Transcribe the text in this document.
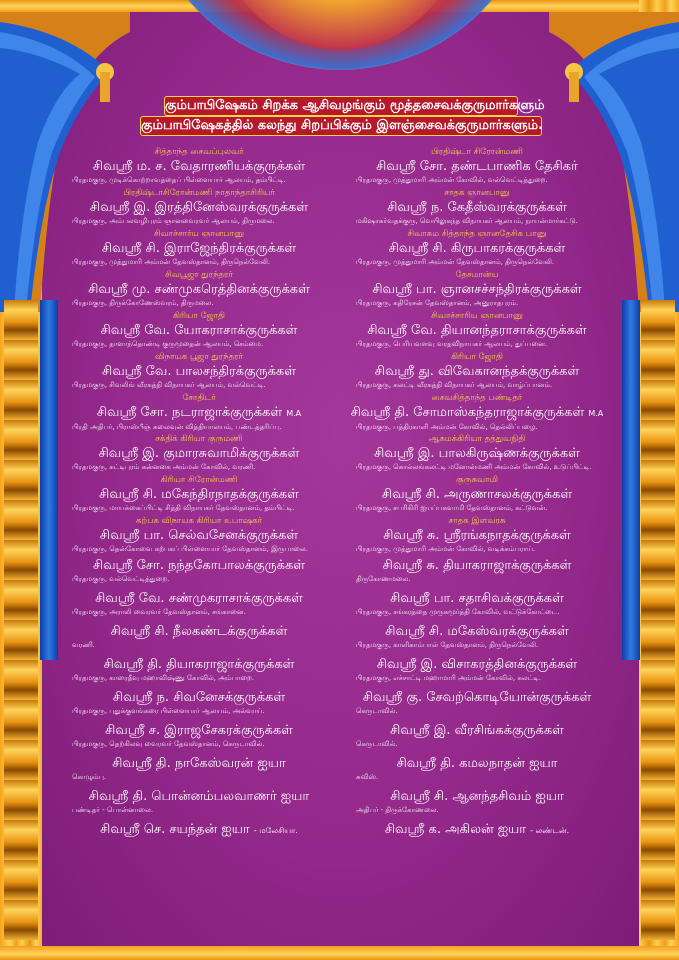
கும்பாபிஷேகம் சிறக்க ஆசிவழங்கும் மூத்தசைவக்குருமார்களும்
கும்பாபிஷேகத்தில் கலந்து சிறப்பிக்கும் இளஞ்சைவக்குருமார்களும்.
சித்தாந்த சைவப்புலவர்
சிவஸ்ரீ ம. ச. வேதாரணியக்குருக்கள்
பிரதமகுரு, முடிக்கொற்றாவத்தைப் பிள்ளையார் ஆலயம், தம்பிட்டி.
பிரதிஷ்டாசிரோன்மணி நாதாந்தாசிரியர்
சிவஸ்ரீ இ. இரத்தினேஸ்வரக்குருக்கள்
பிரதமகுரு, அம்பலவழிபுரம் ஞானவைரவர் ஆலயம், திருமலை.
சிவாச்சார்ய ஞானபானு
சிவஸ்ரீ சி. இராஜேந்திரக்குருக்கள்
பிரதமகுரு, முத்துமாரி அம்மன் தேவஸ்தானம், திருநெல்வேலி.
சிவபூஜா துரந்தரர்
சிவஸ்ரீ மு. சண்முகரெத்தினக்குருக்கள்
பிரதமகுரு, திருக்கோணேஸ்வரம், திருமலை.
கிரியா ஜோதி
சிவஸ்ரீ வே. யோகராசாக்குருக்கள்
பிரதமகுரு, தாளாந்தொண்டி குருமூதைன் ஆலயம், செம்மை.
விநாயக பூஜா துரந்தரர்
சிவஸ்ரீ வே. பாலசந்திரக்குருக்கள்
பிரதமகுரு, சிவலிங் வீரகத்தி விநாயகர் ஆலயம், வல்வெட்டி.
சோதிடர்
சிவஸ்ரீ சோ. நடராஜாக்குருக்கள் M.A
பிரதி அதிபர், பிராஸ்பீஞ் கலைவுன் வித்தியாலயம், பண்டத்தரிப்பு.
சக்திக் கிரியா குருமணி
சிவஸ்ரீ இ. குமாரசுவாமிக்குருக்கள்
பிரதமகுரு, கட்டிபுரம் கன்னகை அம்மன் கோவில், வரணி.
கிரியா சிரோன்மணி
சிவஸ்ரீ சி. மகேந்திரநாதக்குருக்கள்
பிரதமகுரு, மாயக்கைப்பிட்டி சித்தி விநாயகர் தேவஸ்தானம், தம்பிட்டி.
கற்பக விநாயக கிரியா உபாஷகர்
சிவஸ்ரீ பா. செல்வசேனக்குருக்கள்
பிரதமகுரு, தென்கோவை கற்பகப் பிள்ளையார் தேவஸ்தானம், இருபாலை.
சிவஸ்ரீ சோ. நந்தகோபாலக்குருக்கள்
பிரதமகுரு, வல்வெட்டித்துறை.
சிவஸ்ரீ வே. சண்முகராசாக்குருக்கள்
பிரதமகுரு, அராலி வைரவர் தேவஸ்தானம், சங்கானை.
சிவஸ்ரீ சி. நீலகண்டக்குருக்கள்
வரணி.
சிவஸ்ரீ தி. தியாகராஜாக்குருக்கள்
பிரதமகுரு, காரைதீவு மஹாவிஷ்ணு கோவில், அம்பாறை.
சிவஸ்ரீ ந. சிவனேசக்குருக்கள்
பிரதமகுரு, புதுக்குளங்கரை பிள்ளையார் ஆலயம், அல்வாய்.
சிவஸ்ரீ ச. இராஜசேகரக்குருக்கள்
பிரதமகுரு, தெற்கிலவு வைரவர் தேவஸ்தானம், கெருடாவில்.
சிவஸ்ரீ தி. நாகேஸ்வரன் ஐயா
கொழும்பு.
சிவஸ்ரீ தி. பொன்னம்பலவாணர் ஐயா
பண்டிதர் - பொன்னாலை.
சிவஸ்ரீ செ. சயந்தன் ஐயா - மலேசியா.
பிரதிஷ்டா சிரோன்மணி
சிவஸ்ரீ சோ. தண்டபாணிக தேசிகர்
பிரதமகுரு, முத்துமாரி அம்மன் கோவில், வல்வெட்டித்துறை.
சாதக ஞானபானு
சிவஸ்ரீ ந. கேதீஸ்வரக்குருக்கள்
மகிஷாசுர்வதக்குரு, வெயிலுகந்த விநாயகர் ஆலயம், நாயன்மார்கட்டு.
சிவாகம சித்தாந்த ஞானதேசிக பானு
சிவஸ்ரீ சி. கிருபாகரக்குருக்கள்
பிரதமகுரு, முத்துமாரி அம்மன் தேவஸ்தானம், திருநெல்வேலி.
தேசமான்ய
சிவஸ்ரீ பா. ஞானசச்சந்திரக்குருக்கள்
பிரதமகுரு, கதிரேசன் தேவஸ்தானம், அனுராதபுரம்.
சிவாச்சாரிய ஞானபானு
சிவஸ்ரீ வே. தியானந்தராசாக்குருக்கள்
பிரதமகுரு, பெரியவளவு வரதவிநாயகர் ஆலயம், துப்பனை.
கிரியா ஜோதி
சிவஸ்ரீ து. விவேகானந்தக்குருக்கள்
பிரதமகுரு, கலட்டி வீரகத்தி விநாயகர் ஆலயம், வாழ்ப்பானம்.
சைவசித்தாந்த பண்டிதர்
சிவஸ்ரீ தி. சோமாஸ்கந்தராஜாக்குருக்கள் M.A
பிரதமகுரு, பத்திரகாளி அம்மன் கோவில், தெல்லிப்பழை.
ஆகமக்கிரியா தத்துவநிதி
சிவஸ்ரீ இ. பாலகிருஷ்ணக்குருக்கள்
பிரதமகுரு, கொல்லங்கலட்டி மனோன்மணி அம்மன் கோவில், உடுப்பிட்டி.
குருசுவாமி
சிவஸ்ரீ சி. அருணாசலக்குருக்கள்
பிரதமகுரு, சபரிகிரி ஐயப்பசுவாமி தேவஸ்தானம், கட்டுவன்.
சாதக இளவரசு
சிவஸ்ரீ சு. ஸ்ரீரங்கநாதக்குருக்கள்
பிரதமகுரு, முத்துமாரி அம்மன் கோவில், வடிக்கம்பராய்.
சிவஸ்ரீ சு. தியாகராஜாக்குருக்கள்
திருகோணமலை.
சிவஸ்ரீ பா. சதாசிவக்குருக்கள்
பிரதமகுரு, சங்கரத்தை முருகமூர்த்தி கோவில், வட்டுக்கோட்டை.
சிவஸ்ரீ சி. மகேஸ்வரக்குருக்கள்
பிரதமகுரு, காளிகாம்பாள் தேவஸ்தானம், திருநெல்வேலி.
சிவஸ்ரீ இ. விசாகரத்தினக்குருக்கள்
பிரதமகுரு, எச்சாட்டி மஹாமாரி அம்மன் கோவில், கலட்டி.
சிவஸ்ரீ கு. சேவற்கொடியோன்குருக்கள்
கெருடாவில்.
சிவஸ்ரீ இ. வீரசிங்கக்குருக்கள்
கெருடாவில்.
சிவஸ்ரீ தி. கமலநாதன் ஐயா
சுவிஸ்.
சிவஸ்ரீ சி. ஆனந்தசிவம் ஐயா
அதிபர் - திருக்கோணலை.
சிவஸ்ரீ க. அகிலன் ஐயா - லண்டன்.
